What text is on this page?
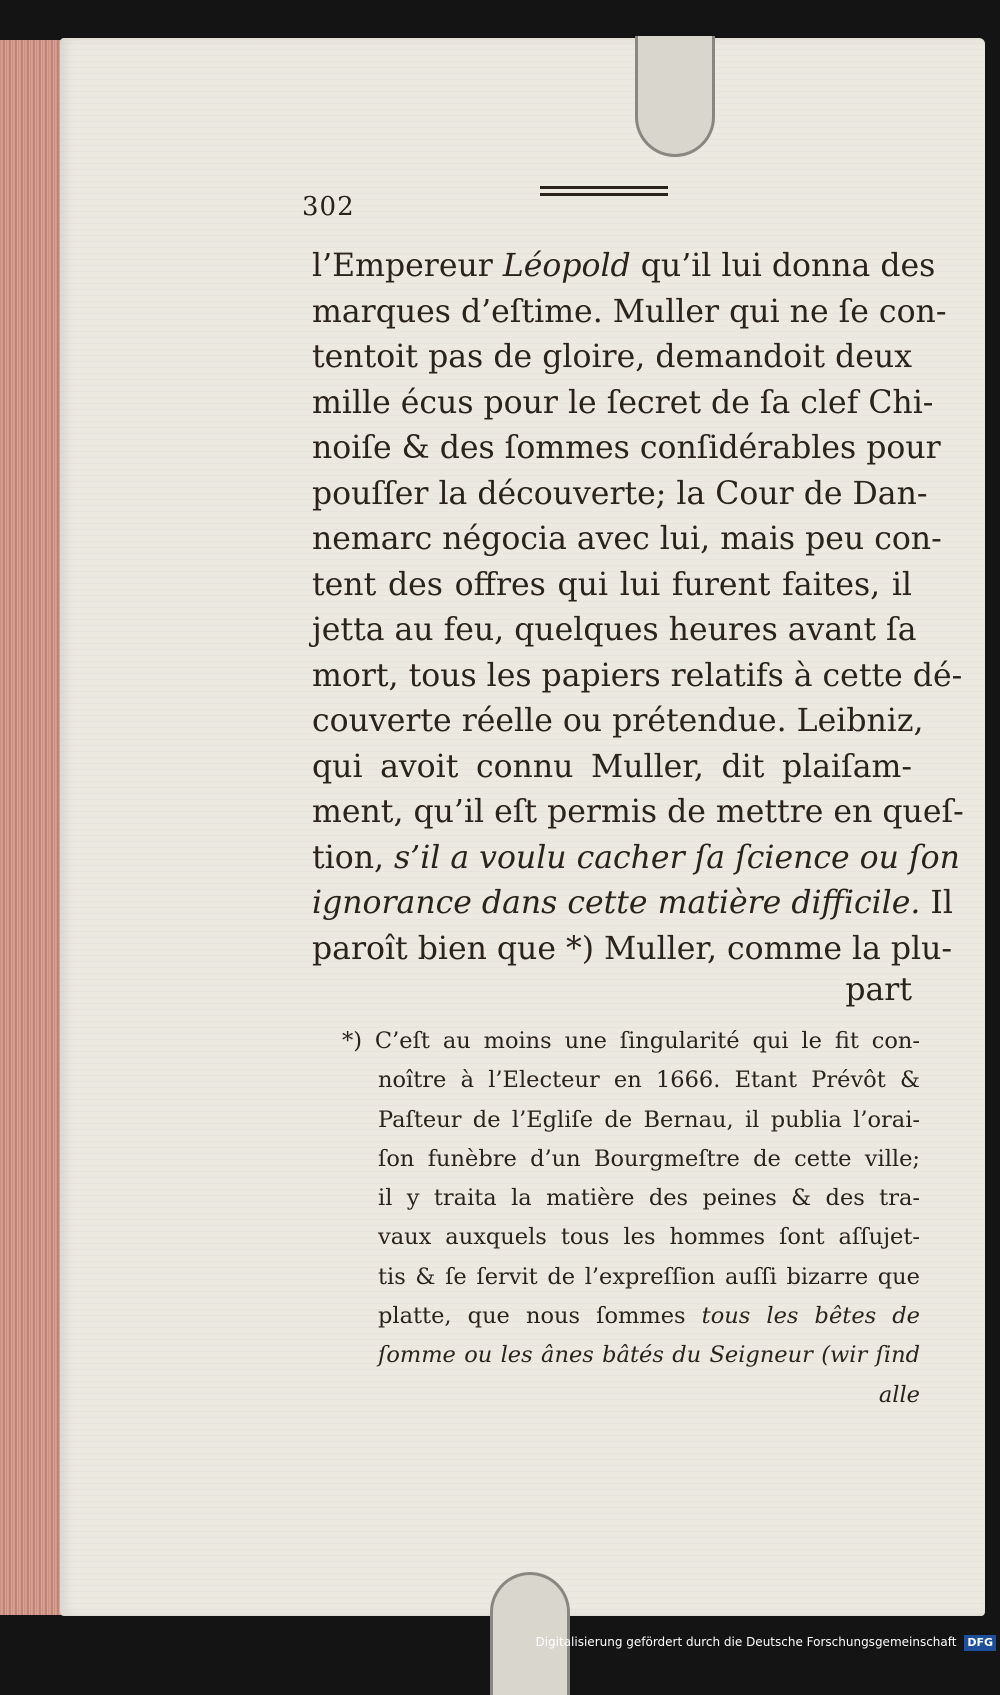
302
l’Empereur Léopold qu’il lui donna des
marques d’eſtime. Muller qui ne ſe con-
tentoit pas de gloire, demandoit deux
mille écus pour le ſecret de ſa clef Chi-
noiſe & des ſommes conſidérables pour
pouſſer la découverte; la Cour de Dan-
nemarc négocia avec lui, mais peu con-
tent des offres qui lui furent faites, il
jetta au feu, quelques heures avant ſa
mort, tous les papiers relatifs à cette dé-
couverte réelle ou prétendue. Leibniz,
qui avoit connu Muller, dit plaiſam-
ment, qu’il eſt permis de mettre en queſ-
tion, s’il a voulu cacher ſa ſcience ou ſon
ignorance dans cette matière difficile. Il
paroît bien que *) Muller, comme la plu-
part
*) C’eſt au moins une ſingularité qui le fit con-
noître à l’Electeur en 1666. Etant Prévôt &
Paſteur de l’Egliſe de Bernau, il publia l’orai-
ſon funèbre d’un Bourgmeſtre de cette ville;
il y traita la matière des peines & des tra-
vaux auxquels tous les hommes ſont aſſujet-
tis & ſe ſervit de l’expreſſion auſſi bizarre que
platte, que nous ſommes tous les bêtes de
ſomme ou les ânes bâtés du Seigneur (wir ſind
alle
Digitalisierung gefördert durch die Deutsche Forschungsgemeinschaft DFG
